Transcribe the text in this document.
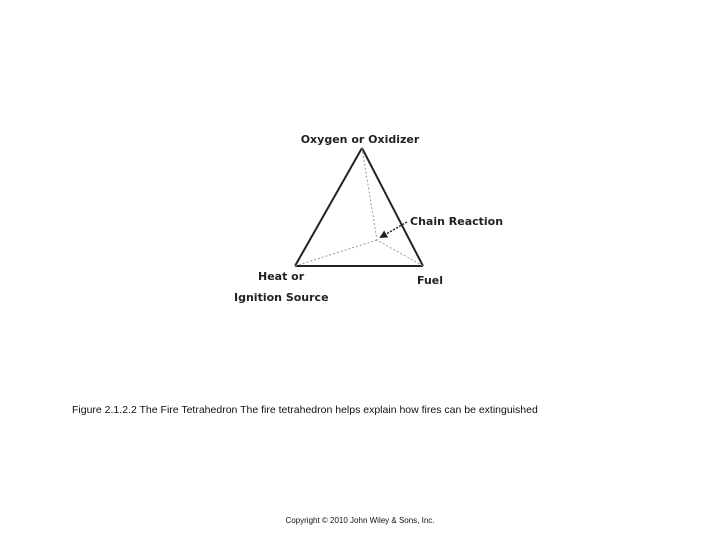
Oxygen or Oxidizer
Chain Reaction
Heat or
Ignition Source
Fuel
Figure 2.1.2.2 The Fire Tetrahedron The fire tetrahedron helps explain how fires can be extinguished
Copyright © 2010 John Wiley & Sons, Inc.
